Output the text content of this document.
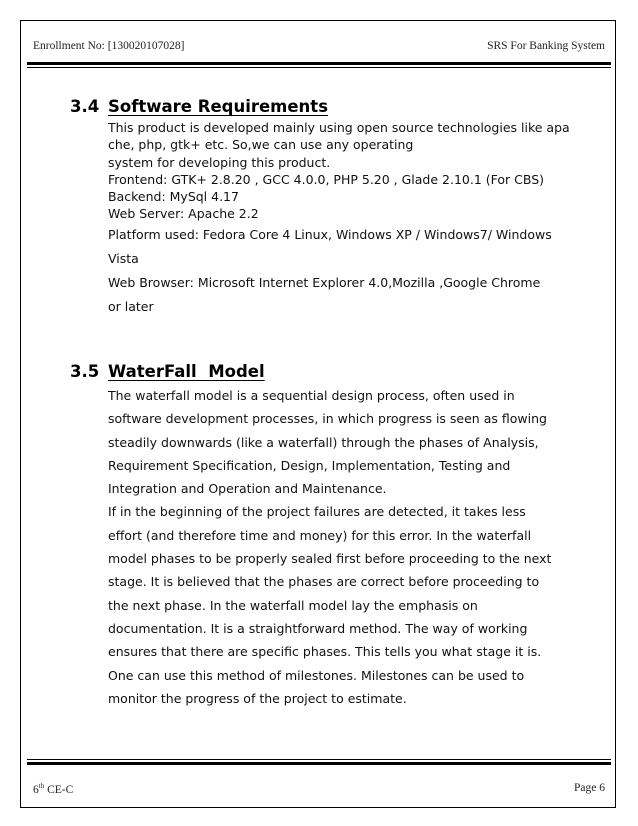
Enrollment No: [130020107028]	SRS For Banking System
3.4 Software Requirements
This product is developed mainly using open source technologies like apa
che, php, gtk+ etc. So,we can use any operating
system for developing this product.
Frontend: GTK+ 2.8.20 , GCC 4.0.0, PHP 5.20 , Glade 2.10.1 (For CBS)
Backend: MySql 4.17
Web Server: Apache 2.2
Platform used: Fedora Core 4 Linux, Windows XP / Windows7/ Windows
Vista
Web Browser: Microsoft Internet Explorer 4.0,Mozilla ,Google Chrome
or later
3.5 WaterFall  Model
The waterfall model is a sequential design process, often used in
software development processes, in which progress is seen as flowing
steadily downwards (like a waterfall) through the phases of Analysis,
Requirement Specification, Design, Implementation, Testing and
Integration and Operation and Maintenance.
If in the beginning of the project failures are detected, it takes less
effort (and therefore time and money) for this error. In the waterfall
model phases to be properly sealed first before proceeding to the next
stage. It is believed that the phases are correct before proceeding to
the next phase. In the waterfall model lay the emphasis on
documentation. It is a straightforward method. The way of working
ensures that there are specific phases. This tells you what stage it is.
One can use this method of milestones. Milestones can be used to
monitor the progress of the project to estimate.
6th CE-C	Page 6
